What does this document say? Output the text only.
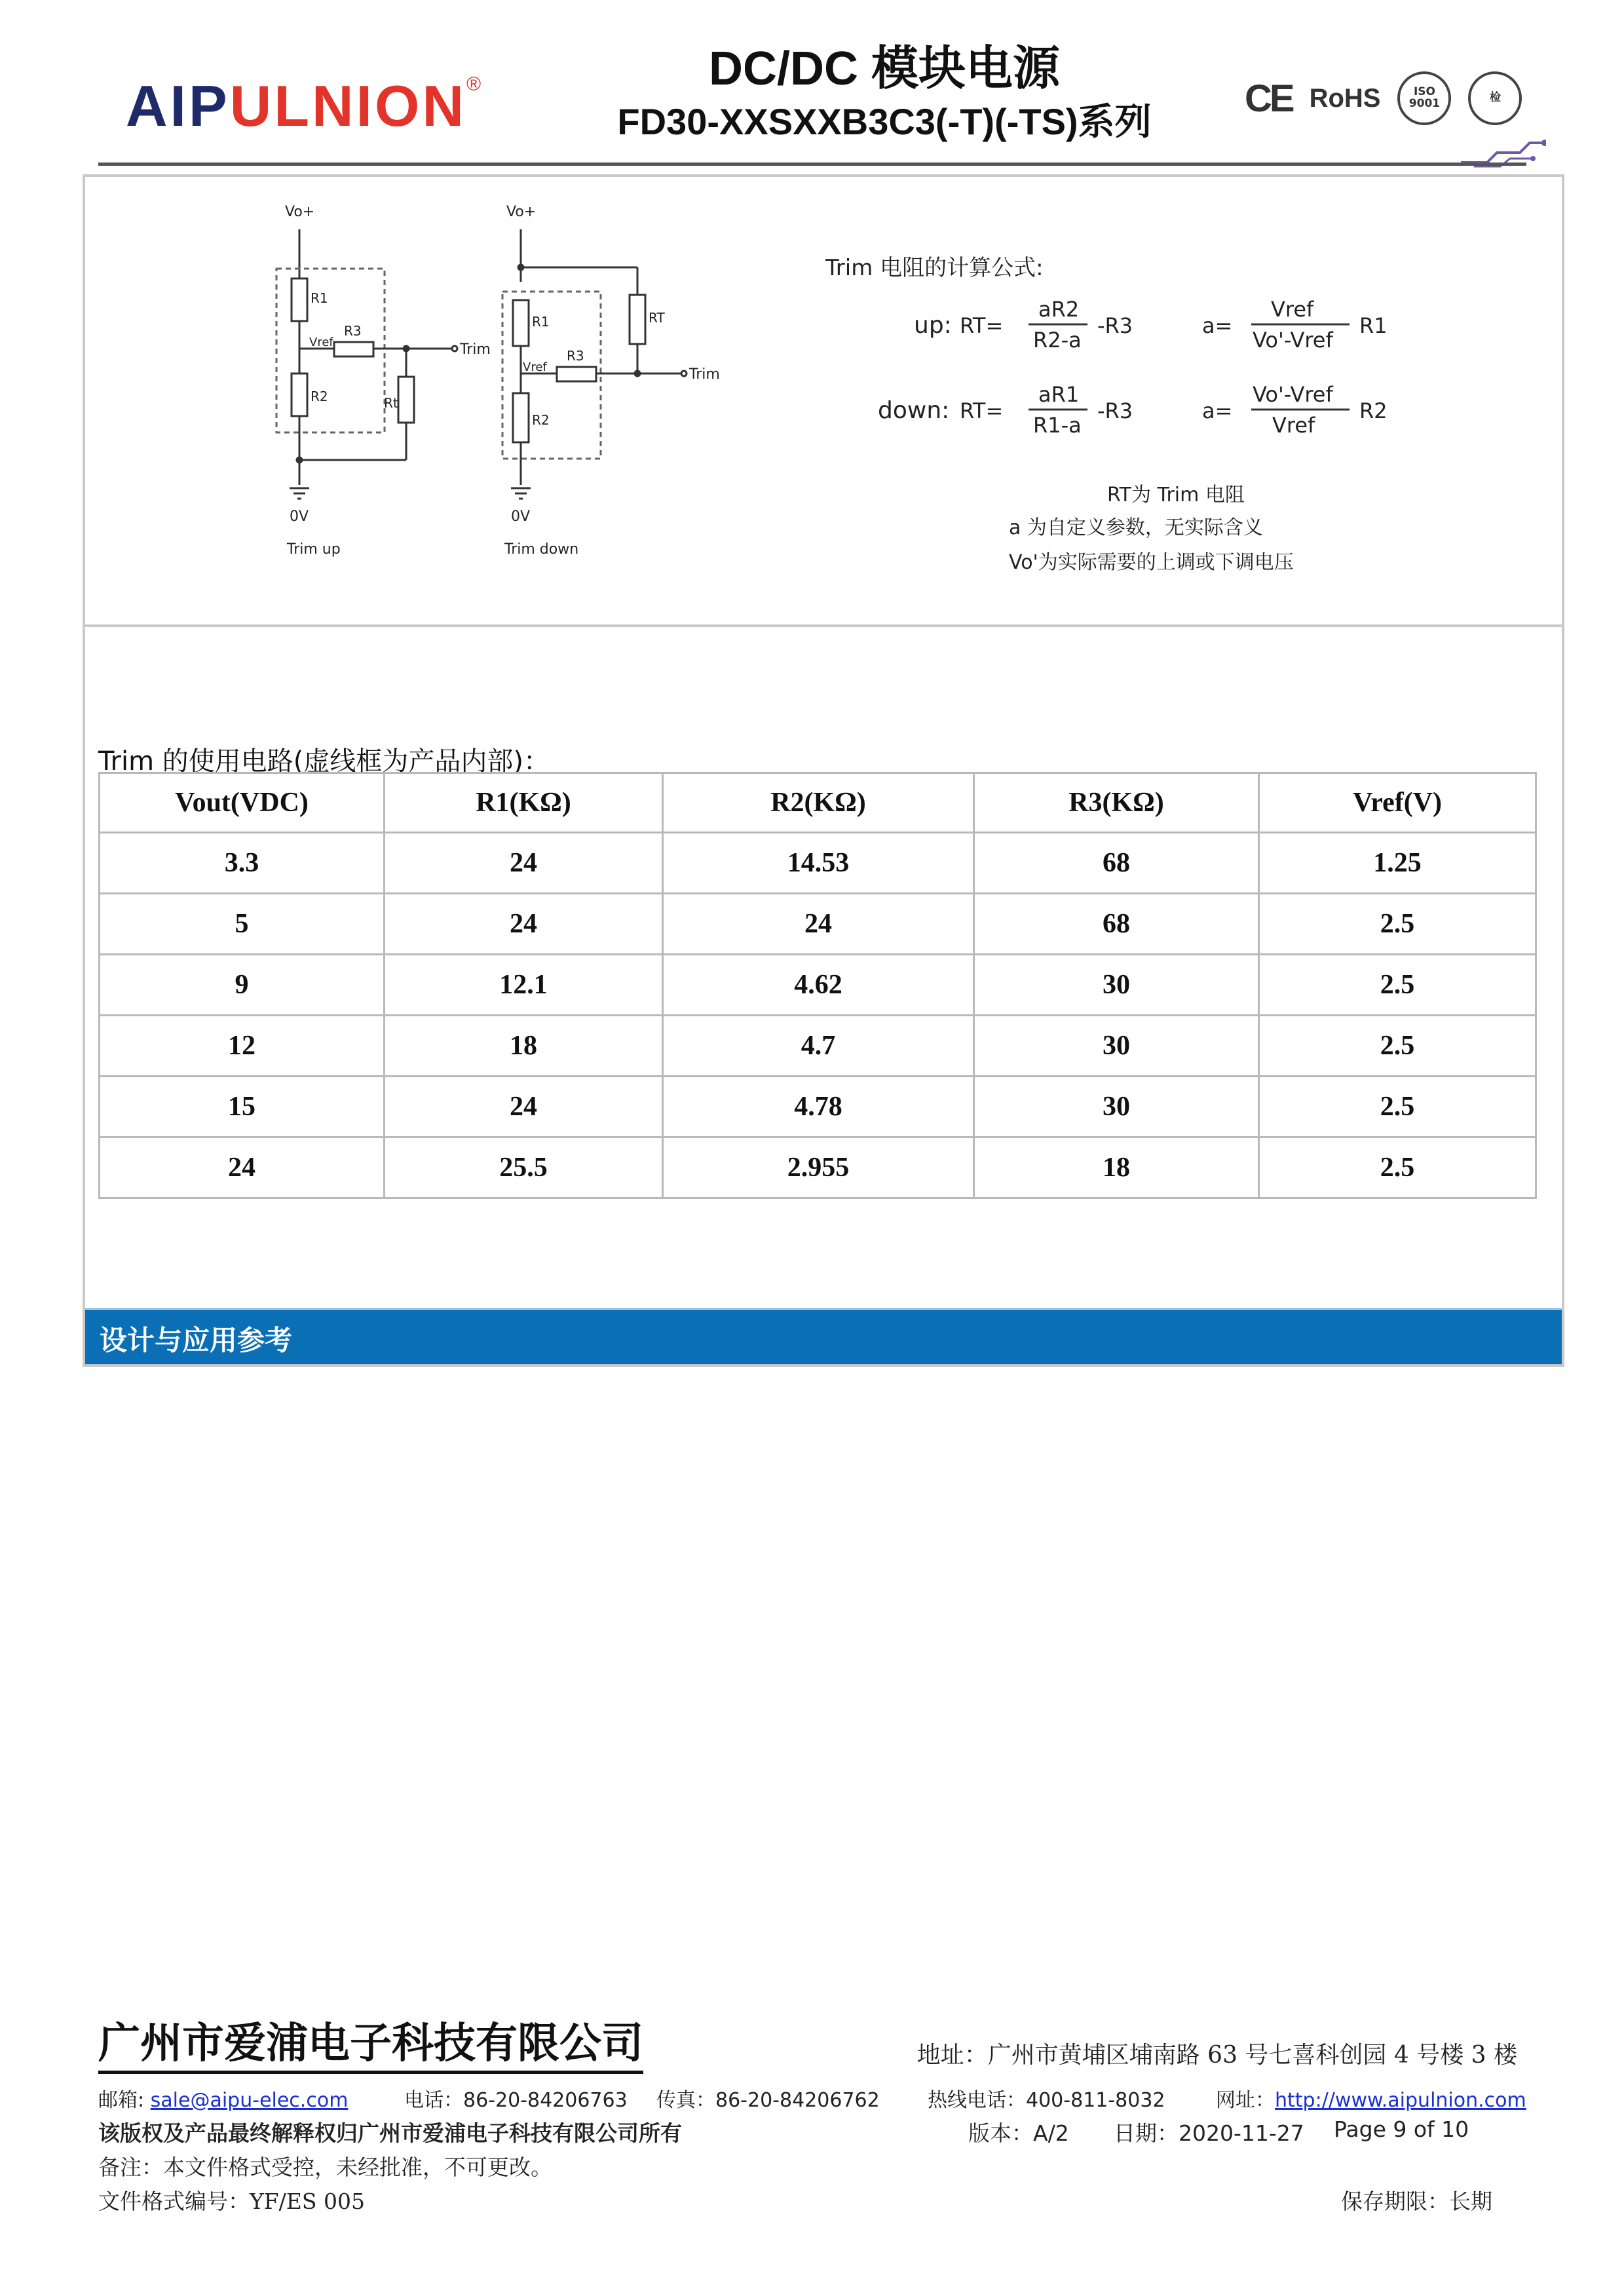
AIPULNION®	DC/DC 模块电源
FD30-XXSXXB3C3(-T)(-TS)系列
CE RoHS	ISO 9001	检
Vo+
R1
R2
R3
Vref
Rt
Trim
0V
Trim up
Vo+
R1
R2
R3
Vref
RT
Trim
0V
Trim down
Trim 电阻的计算公式:
up: RT=
aR2
R2-a
-R3
down: RT=
aR1
R1-a
-R3
a=
Vref
Vo'-Vref
R1
a=
Vo'-Vref
Vref
R2
RT为 Trim 电阻
a 为自定义参数，无实际含义
Vo'为实际需要的上调或下调电压
Trim 的使用电路(虚线框为产品内部)：
Vout(VDC)	R1(KΩ)	R2(KΩ)	R3(KΩ)	Vref(V)
3.3	24	14.53	68	1.25
5	24	24	68	2.5
9	12.1	4.62	30	2.5
12	18	4.7	30	2.5
15	24	4.78	30	2.5
24	25.5	2.955	18	2.5
设计与应用参考
广州市爱浦电子科技有限公司	地址：广州市黄埔区埔南路 63 号七喜科创园 4 号楼 3 楼
邮箱: sale@aipu-elec.com	电话：86-20-84206763 传真：86-20-84206762 热线电话：400-811-8032	网址：http://www.aipulnion.com
该版权及产品最终解释权归广州市爱浦电子科技有限公司所有	版本：A/2 日期：2020-11-27 Page 9 of 10
备注：本文件格式受控，未经批准，不可更改。
文件格式编号：YF/ES 005	保存期限：长期
